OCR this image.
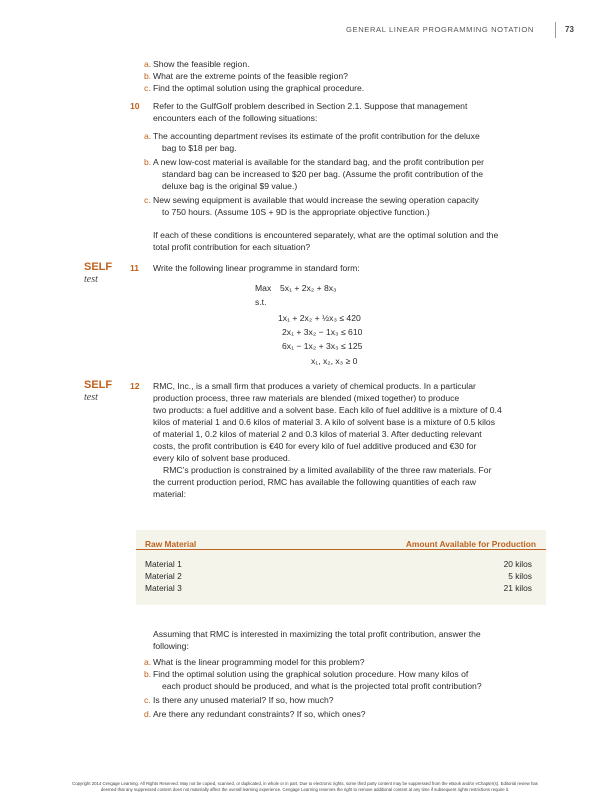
GENERAL LINEAR PROGRAMMING NOTATION	73
a. Show the feasible region.
b. What are the extreme points of the feasible region?
c. Find the optimal solution using the graphical procedure.
10 Refer to the GulfGolf problem described in Section 2.1. Suppose that management
encounters each of the following situations:
a. The accounting department revises its estimate of the profit contribution for the deluxe
bag to $18 per bag.
b. A new low-cost material is available for the standard bag, and the profit contribution per
standard bag can be increased to $20 per bag. (Assume the profit contribution of the
deluxe bag is the original $9 value.)
c. New sewing equipment is available that would increase the sewing operation capacity
to 750 hours. (Assume 10S + 9D is the appropriate objective function.)
If each of these conditions is encountered separately, what are the optimal solution and the
total profit contribution for each situation?
SELF
test
11 Write the following linear programme in standard form:
Max 5x₁ + 2x₂ + 8x₃
s.t.
1x₁ + 2x₂ + ½x₃ ≤ 420
2x₁ + 3x₂ − 1x₃ ≤ 610
6x₁ − 1x₂ + 3x₃ ≤ 125
x₁, x₂, x₃ ≥ 0
SELF
test
12 RMC, Inc., is a small firm that produces a variety of chemical products. In a particular
production process, three raw materials are blended (mixed together) to produce
two products: a fuel additive and a solvent base. Each kilo of fuel additive is a mixture of 0.4
kilos of material 1 and 0.6 kilos of material 3. A kilo of solvent base is a mixture of 0.5 kilos
of material 1, 0.2 kilos of material 2 and 0.3 kilos of material 3. After deducting relevant
costs, the profit contribution is €40 for every kilo of fuel additive produced and €30 for
every kilo of solvent base produced.
RMC’s production is constrained by a limited availability of the three raw materials. For
the current production period, RMC has available the following quantities of each raw
material:
Raw Material	Amount Available for Production
Material 1	20 kilos
Material 2	5 kilos
Material 3	21 kilos
Assuming that RMC is interested in maximizing the total profit contribution, answer the
following:
a. What is the linear programming model for this problem?
b. Find the optimal solution using the graphical solution procedure. How many kilos of
each product should be produced, and what is the projected total profit contribution?
c. Is there any unused material? If so, how much?
d. Are there any redundant constraints? If so, which ones?
Copyright 2014 Cengage Learning. All Rights Reserved. May not be copied, scanned, or duplicated, in whole or in part. Due to electronic rights, some third party content may be suppressed from the eBook and/or eChapter(s). Editorial review has
deemed that any suppressed content does not materially affect the overall learning experience. Cengage Learning reserves the right to remove additional content at any time if subsequent rights restrictions require it.
